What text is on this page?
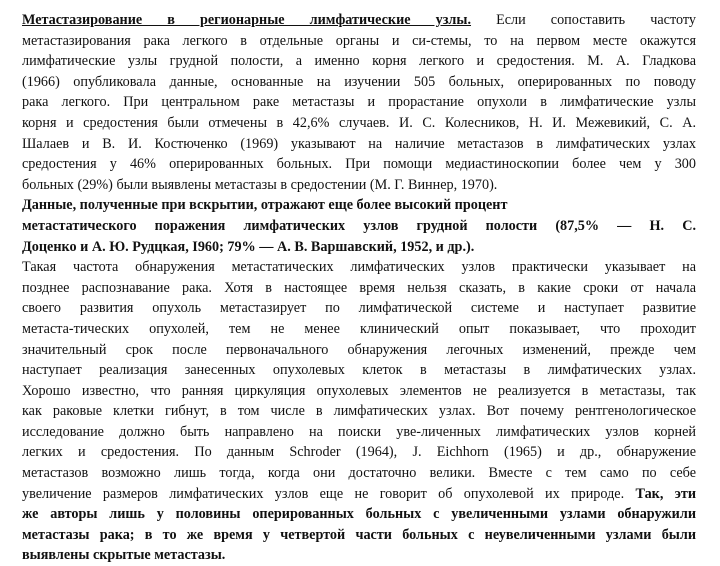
Метастазирование в регионарные лимфатические узлы. Если сопоставить частоту
метастазирования рака легкого в отдельные органы и си-стемы, то на первом месте окажутся
лимфатические узлы грудной полости, а именно корня легкого и средостения. М. А. Гладкова
(1966) опубликовала данные, основанные на изучении 505 больных, оперированных по поводу
рака легкого. При центральном раке метастазы и прорастание опухоли в лимфатические узлы
корня и средостения были отмечены в 42,6% случаев. И. С. Колесников, Н. И. Межевикий, С. А.
Шалаев и В. И. Костюченко (1969) указывают на наличие метастазов в лимфатических узлах
средостения у 46% оперированных больных. При помощи медиастиноскопии более чем у 300
больных (29%) были выявлены метастазы в средостении (М. Г. Виннер, 1970).
Данные, полученные при вскрытии, отражают еще более высокий процент
метастатического поражения лимфатических узлов грудной полости (87,5% — Н. С.
Доценко и А. Ю. Рудцкая, I960; 79% — А. В. Варшавский, 1952, и др.).
Такая частота обнаружения метастатических лимфатических узлов практически указывает на
позднее распознавание рака. Хотя в настоящее время нельзя сказать, в какие сроки от начала
своего развития опухоль метастазирует по лимфатической системе и наступает развитие
метаста-тических опухолей, тем не менее клинический опыт показывает, что проходит
значительный срок после первоначального обнаружения легочных изменений, прежде чем
наступает реализация занесенных опухолевых клеток в метастазы в лимфатических узлах.
Хорошо известно, что ранняя циркуляция опухолевых элементов не реализуется в метастазы, так
как раковые клетки гибнут, в том числе в лимфатических узлах. Вот почему рентгенологическое
исследование должно быть направлено на поиски уве-личенных лимфатических узлов корней
легких и средостения. По данным Schroder (1964), J. Eichhorn (1965) и др., обнаружение
метастазов возможно лишь тогда, когда они достаточно велики. Вместе с тем само по себе
увеличение размеров лимфатических узлов еще не говорит об опухолевой их природе. Так, эти
же авторы лишь у половины оперированных больных с увеличенными узлами обнаружили
метастазы рака; в то же время у четвертой части больных с неувеличенными узлами были
выявлены скрытые метастазы.
